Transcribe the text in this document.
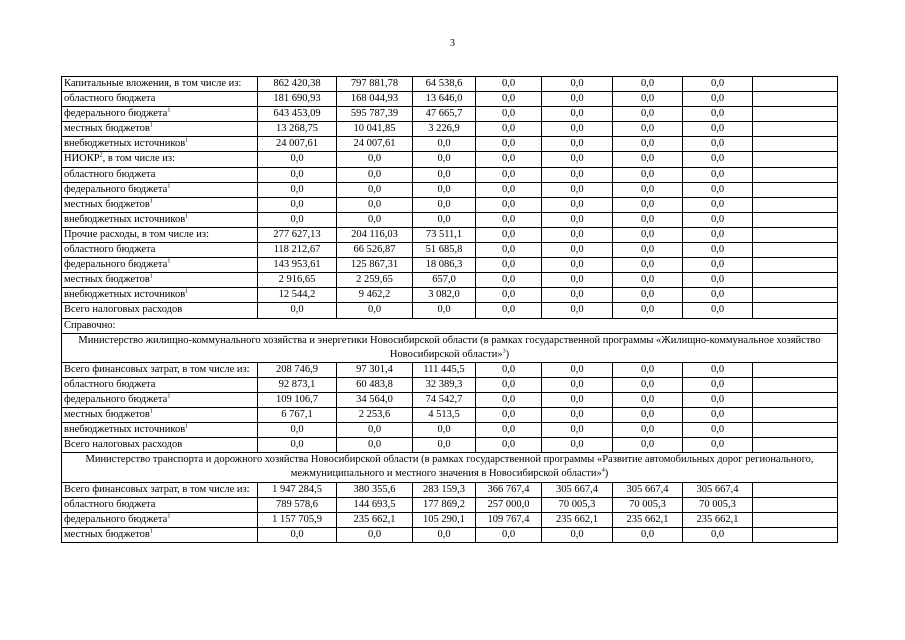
3
Капитальные вложения, в том числе из:	862 420,38	797 881,78	64 538,6	0,0	0,0	0,0	0,0	
областного бюджета	181 690,93	168 044,93	13 646,0	0,0	0,0	0,0	0,0	
федерального бюджета$^1$	643 453,09	595 787,39	47 665,7	0,0	0,0	0,0	0,0	
местных бюджетов$^1$	13 268,75	10 041,85	3 226,9	0,0	0,0	0,0	0,0	
внебюджетных источников$^1$	24 007,61	24 007,61	0,0	0,0	0,0	0,0	0,0	
НИОКР$^2$, в том числе из:	0,0	0,0	0,0	0,0	0,0	0,0	0,0	
областного бюджета	0,0	0,0	0,0	0,0	0,0	0,0	0,0	
федерального бюджета$^1$	0,0	0,0	0,0	0,0	0,0	0,0	0,0	
местных бюджетов$^1$	0,0	0,0	0,0	0,0	0,0	0,0	0,0	
внебюджетных источников$^1$	0,0	0,0	0,0	0,0	0,0	0,0	0,0	
Прочие расходы, в том числе из:	277 627,13	204 116,03	73 511,1	0,0	0,0	0,0	0,0	
областного бюджета	118 212,67	66 526,87	51 685,8	0,0	0,0	0,0	0,0	
федерального бюджета$^1$	143 953,61	125 867,31	18 086,3	0,0	0,0	0,0	0,0	
местных бюджетов$^1$	2 916,65	2 259,65	657,0	0,0	0,0	0,0	0,0	
внебюджетных источников$^1$	12 544,2	9 462,2	3 082,0	0,0	0,0	0,0	0,0	
Всего налоговых расходов	0,0	0,0	0,0	0,0	0,0	0,0	0,0	
Справочно:								
Министерство жилищно-коммунального хозяйства и энергетики Новосибирской области (в рамках государственной программы «Жилищно-коммунальное хозяйство Новосибирской области»$^3$)								
Всего финансовых затрат, в том числе из:	208 746,9	97 301,4	111 445,5	0,0	0,0	0,0	0,0	
областного бюджета	92 873,1	60 483,8	32 389,3	0,0	0,0	0,0	0,0	
федерального бюджета$^1$	109 106,7	34 564,0	74 542,7	0,0	0,0	0,0	0,0	
местных бюджетов$^1$	6 767,1	2 253,6	4 513,5	0,0	0,0	0,0	0,0	
внебюджетных источников$^1$	0,0	0,0	0,0	0,0	0,0	0,0	0,0	
Всего налоговых расходов	0,0	0,0	0,0	0,0	0,0	0,0	0,0	
Министерство транспорта и дорожного хозяйства Новосибирской области (в рамках государственной программы «Развитие автомобильных дорог регионального, межмуниципального и местного значения в Новосибирской области»$^4$)								
Всего финансовых затрат, в том числе из:	1 947 284,5	380 355,6	283 159,3	366 767,4	305 667,4	305 667,4	305 667,4	
областного бюджета	789 578,6	144 693,5	177 869,2	257 000,0	70 005,3	70 005,3	70 005,3	
федерального бюджета$^1$	1 157 705,9	235 662,1	105 290,1	109 767,4	235 662,1	235 662,1	235 662,1	
местных бюджетов$^1$	0,0	0,0	0,0	0,0	0,0	0,0	0,0	
